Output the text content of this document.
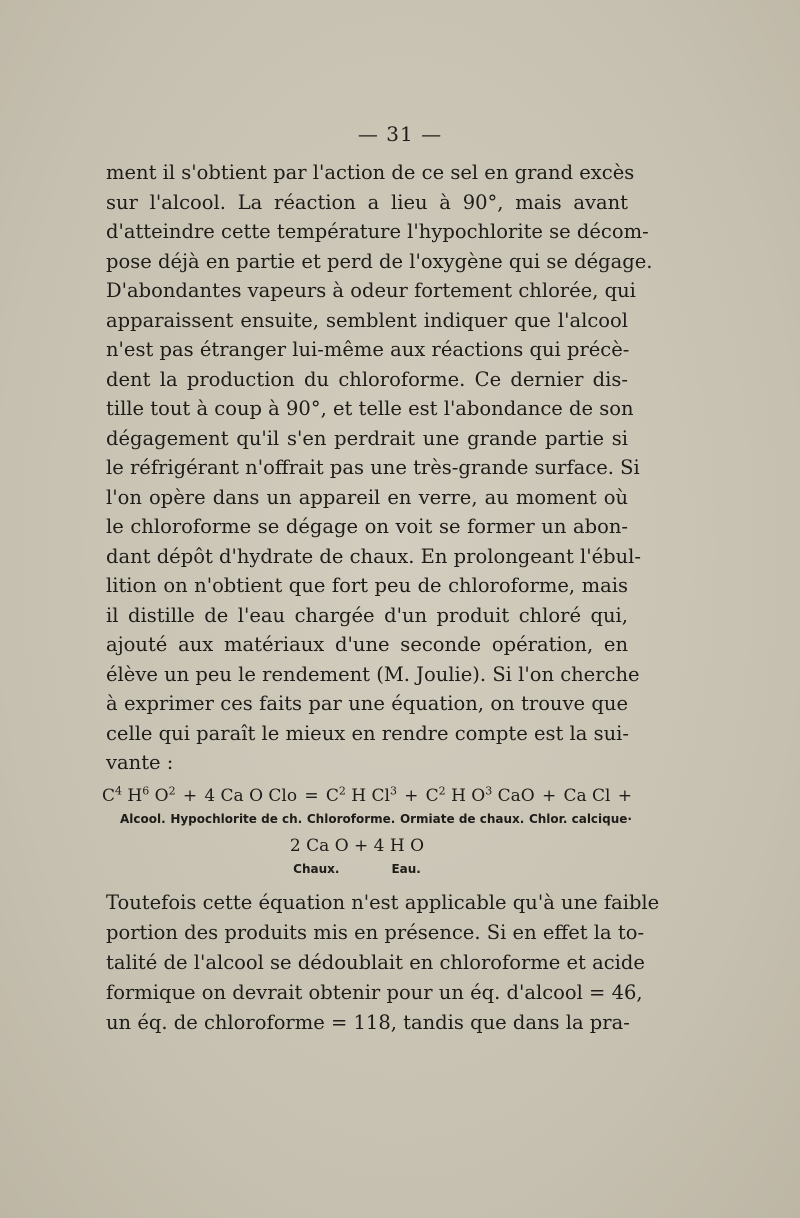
— 31 —
ment il s'obtient par l'action de ce sel en grand excès
sur l'alcool. La réaction a lieu à 90°, mais avant
d'atteindre cette température l'hypochlorite se décom-
pose déjà en partie et perd de l'oxygène qui se dégage.
D'abondantes vapeurs à odeur fortement chlorée, qui
apparaissent ensuite, semblent indiquer que l'alcool
n'est pas étranger lui-même aux réactions qui précè-
dent la production du chloroforme. Ce dernier dis-
tille tout à coup à 90°, et telle est l'abondance de son
dégagement qu'il s'en perdrait une grande partie si
le réfrigérant n'offrait pas une très-grande surface. Si
l'on opère dans un appareil en verre, au moment où
le chloroforme se dégage on voit se former un abon-
dant dépôt d'hydrate de chaux. En prolongeant l'ébul-
lition on n'obtient que fort peu de chloroforme, mais
il distille de l'eau chargée d'un produit chloré qui,
ajouté aux matériaux d'une seconde opération, en
élève un peu le rendement (M. Joulie). Si l'on cherche
à exprimer ces faits par une équation, on trouve que
celle qui paraît le mieux en rendre compte est la sui-
vante :
$C^4$ $H^6$ $O^2 + 4$ Ca O Clo = $C^2$ H $Cl^3 + C^2$ H $O^3$ CaO + Ca Cl +
Alcool. Hypochlorite de ch. Chloroforme. Ormiate de chaux. Chlor. calcique·
2 Ca O + 4 H O
Chaux.	Eau.
Toutefois cette équation n'est applicable qu'à une faible
portion des produits mis en présence. Si en effet la to-
talité de l'alcool se dédoublait en chloroforme et acide
formique on devrait obtenir pour un éq. d'alcool = 46,
un éq. de chloroforme = 118, tandis que dans la pra-
